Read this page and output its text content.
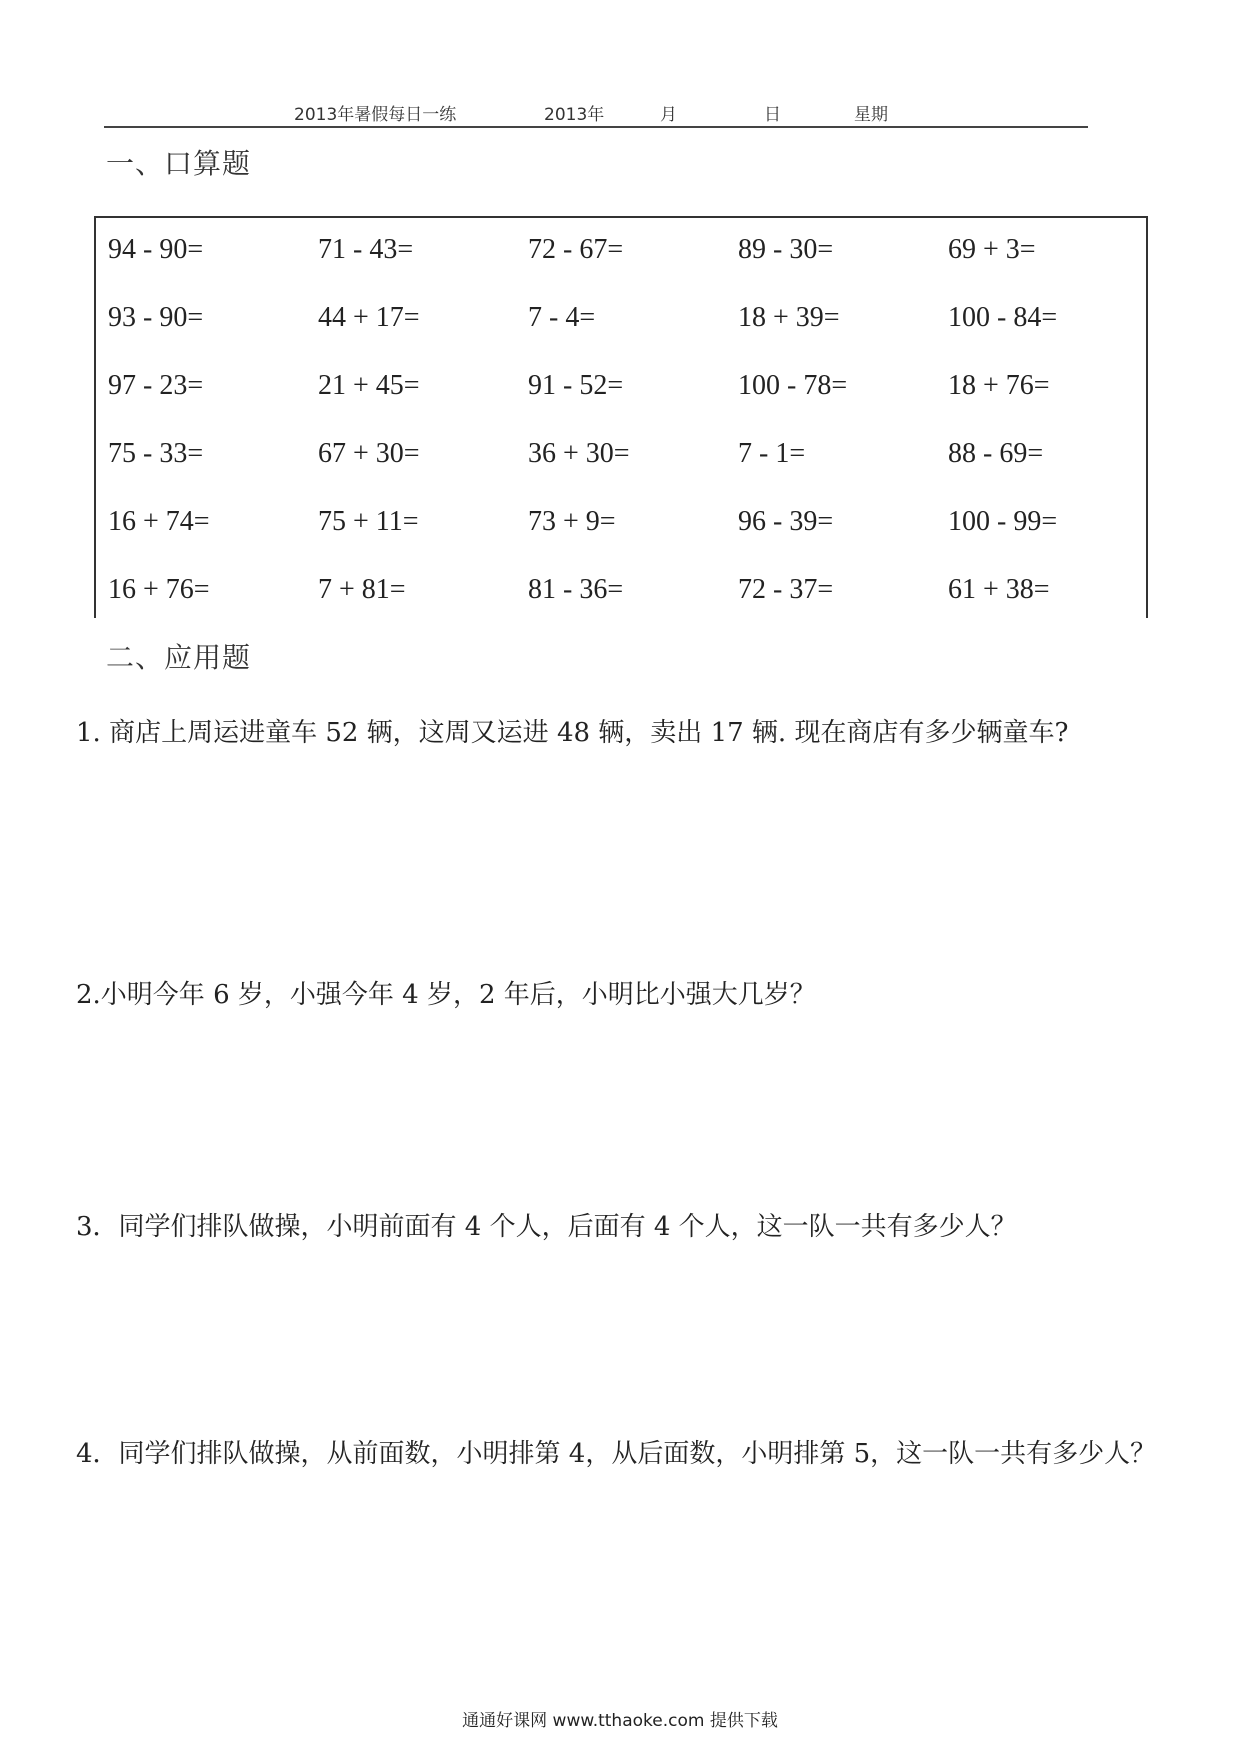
2013年暑假每日一练	2013年	月	日	星期
一、口算题
94 - 90=	71 - 43=	72 - 67=	89 - 30=	69 + 3=
93 - 90=	44 + 17=	7 - 4=	18 + 39=	100 - 84=
97 - 23=	21 + 45=	91 - 52=	100 - 78=	18 + 76=
75 - 33=	67 + 30=	36 + 30=	7 - 1=	88 - 69=
16 + 74=	75 + 11=	73 + 9=	96 - 39=	100 - 99=
16 + 76=	7 + 81=	81 - 36=	72 - 37=	61 + 38=
二、应用题
1. 商店上周运进童车 52 辆，这周又运进 48 辆，卖出 17 辆. 现在商店有多少辆童车?
2.小明今年 6 岁，小强今年 4 岁，2 年后，小明比小强大几岁？
3．同学们排队做操，小明前面有 4 个人，后面有 4 个人，这一队一共有多少人？
4．同学们排队做操，从前面数，小明排第 4，从后面数，小明排第 5，这一队一共有多少人？
通通好课网 www.tthaoke.com 提供下载
